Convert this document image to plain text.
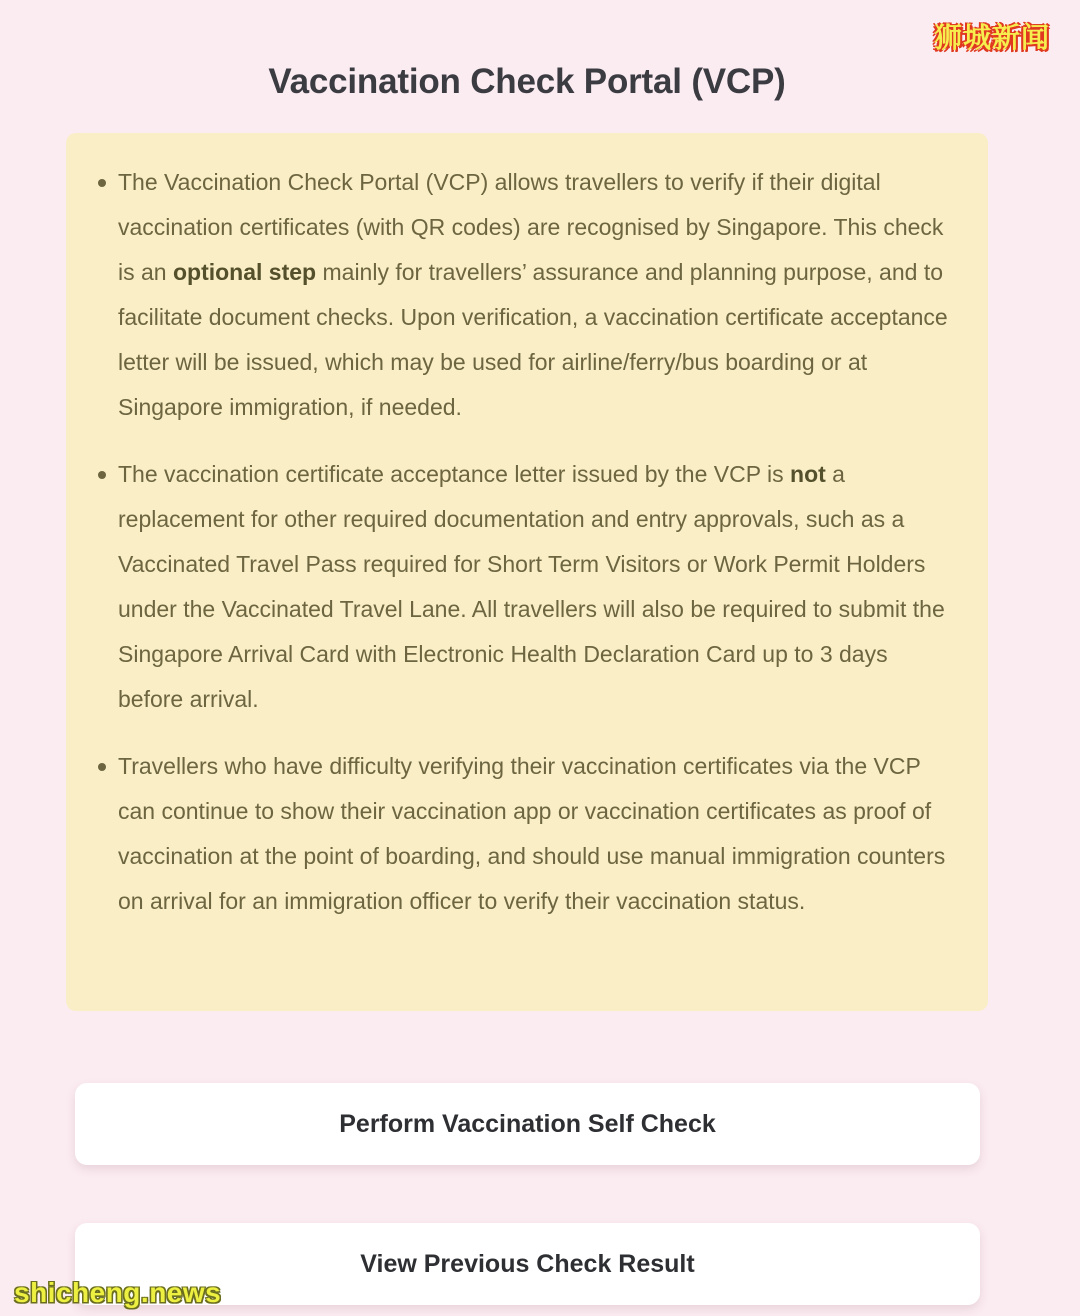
狮城新闻
Vaccination Check Portal (VCP)
The Vaccination Check Portal (VCP) allows travellers to verify if their digital vaccination certificates (with QR codes) are recognised by Singapore. This check is an optional step mainly for travellers’ assurance and planning purpose, and to facilitate document checks. Upon verification, a vaccination certificate acceptance letter will be issued, which may be used for airline/ferry/bus boarding or at Singapore immigration, if needed.
The vaccination certificate acceptance letter issued by the VCP is not a replacement for other required documentation and entry approvals, such as a Vaccinated Travel Pass required for Short Term Visitors or Work Permit Holders under the Vaccinated Travel Lane. All travellers will also be required to submit the Singapore Arrival Card with Electronic Health Declaration Card up to 3 days before arrival.
Travellers who have difficulty verifying their vaccination certificates via the VCP can continue to show their vaccination app or vaccination certificates as proof of vaccination at the point of boarding, and should use manual immigration counters on arrival for an immigration officer to verify their vaccination status.
Perform Vaccination Self Check
View Previous Check Result
shicheng.news
